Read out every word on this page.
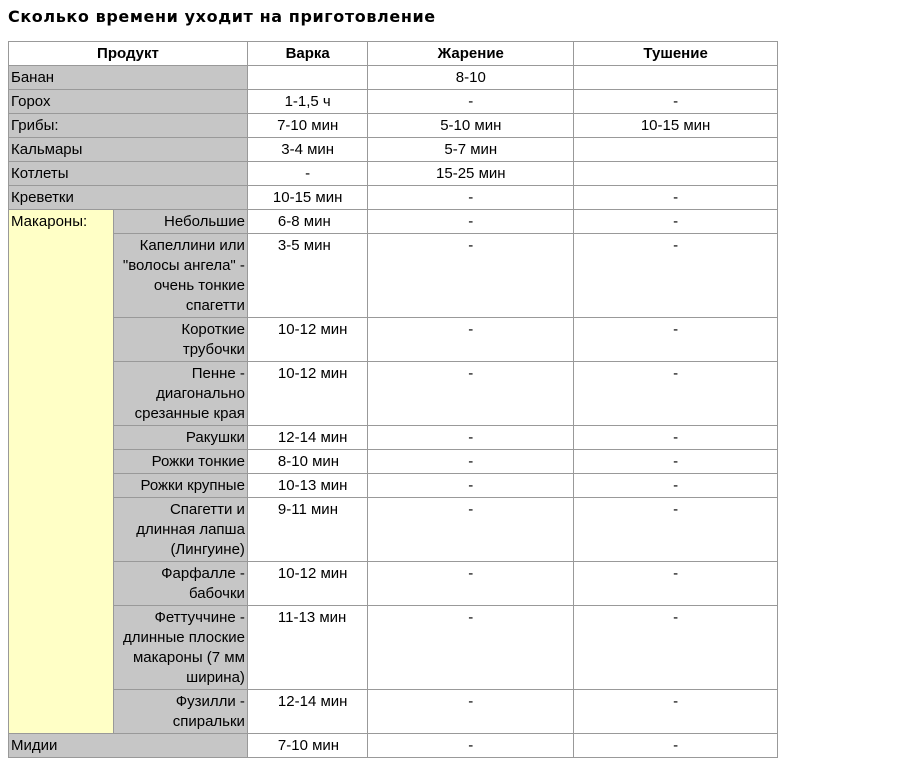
Сколько времени уходит на приготовление
Продукт		Варка	Жарение	Тушение
Банан			8-10	
Горох		1-1,5 ч	-	-
Грибы:		7-10 мин	5-10 мин	10-15 мин
Кальмары		3-4 мин	5-7 мин	
Котлеты		-	15-25 мин	
Креветки		10-15 мин	-	-
Макароны:	Небольшие	6-8 мин	-	-
	Капеллини или "волосы ангела" - очень тонкие спагетти	3-5 мин	-	-
	Короткие трубочки	10-12 мин	-	-
	Пенне - диагонально срезанные края	10-12 мин	-	-
	Ракушки	12-14 мин	-	-
	Рожки тонкие	8-10 мин	-	-
	Рожки крупные	10-13 мин	-	-
	Спагетти и длинная лапша (Лингуине)	9-11 мин	-	-
	Фарфалле - бабочки	10-12 мин	-	-
	Феттуччине - длинные плоские макароны (7 мм ширина)	11-13 мин	-	-
	Фузилли - спиральки	12-14 мин	-	-
Мидии		7-10 мин	-	-
